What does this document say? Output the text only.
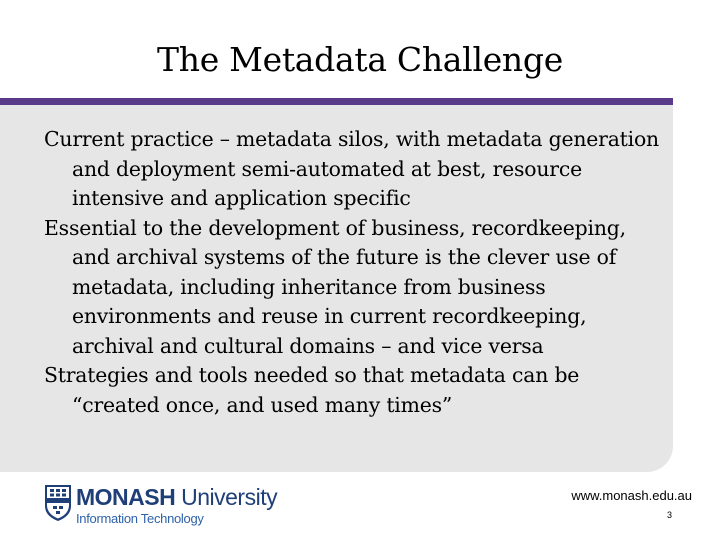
The Metadata Challenge
Current practice – metadata silos, with metadata generation and deployment semi-automated at best, resource intensive and application specific
Essential to the development of business, recordkeeping, and archival systems of the future is the clever use of metadata, including inheritance from business environments and reuse in current recordkeeping, archival and cultural domains – and vice versa
Strategies and tools needed so that metadata can be “created once, and used many times”
MONASH University
Information Technology
www.monash.edu.au
3
